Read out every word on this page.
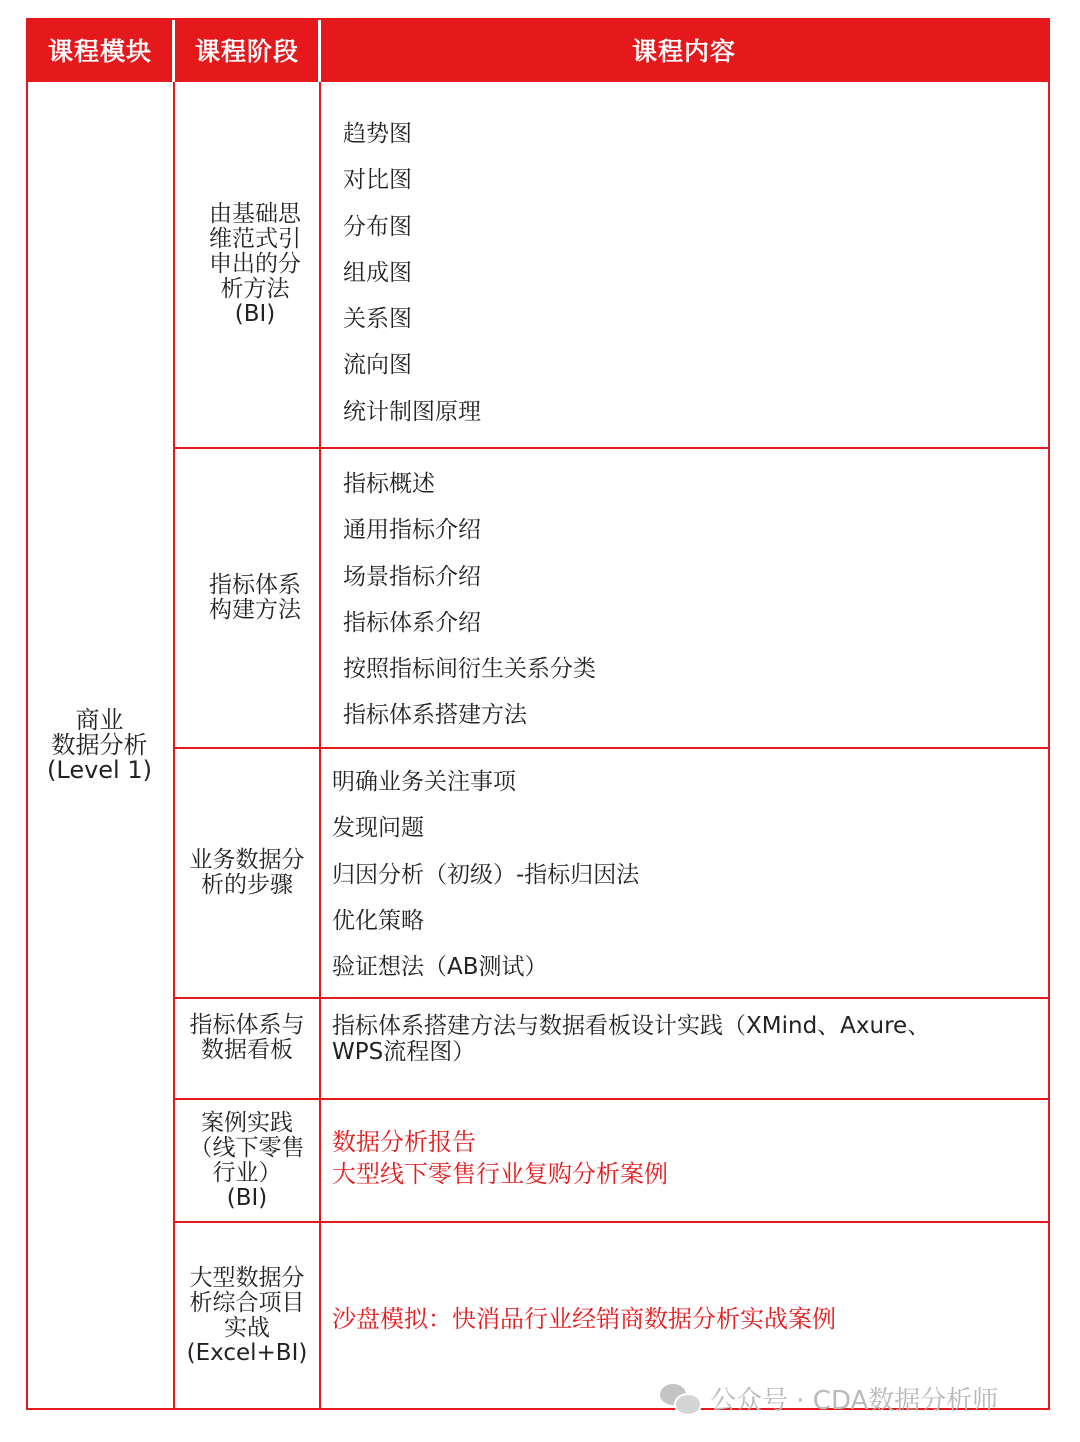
课程模块 课程阶段	课程内容
商业
数据分析
(Level 1)
由基础思
维范式引
申出的分
析方法
(BI)
趋势图
对比图
分布图
组成图
关系图
流向图
统计制图原理
指标体系
构建方法
指标概述
通用指标介绍
场景指标介绍
指标体系介绍
按照指标间衍生关系分类
指标体系搭建方法
业务数据分
析的步骤
明确业务关注事项
发现问题
归因分析（初级）-指标归因法
优化策略
验证想法（AB测试）
指标体系与
数据看板
指标体系搭建方法与数据看板设计实践（XMind、Axure、
WPS流程图）
案例实践
（线下零售
行业）
(BI)
数据分析报告
大型线下零售行业复购分析案例
大型数据分
析综合项目
实战
(Excel+BI)
沙盘模拟：快消品行业经销商数据分析实战案例
公众号 · CDA数据分析师
